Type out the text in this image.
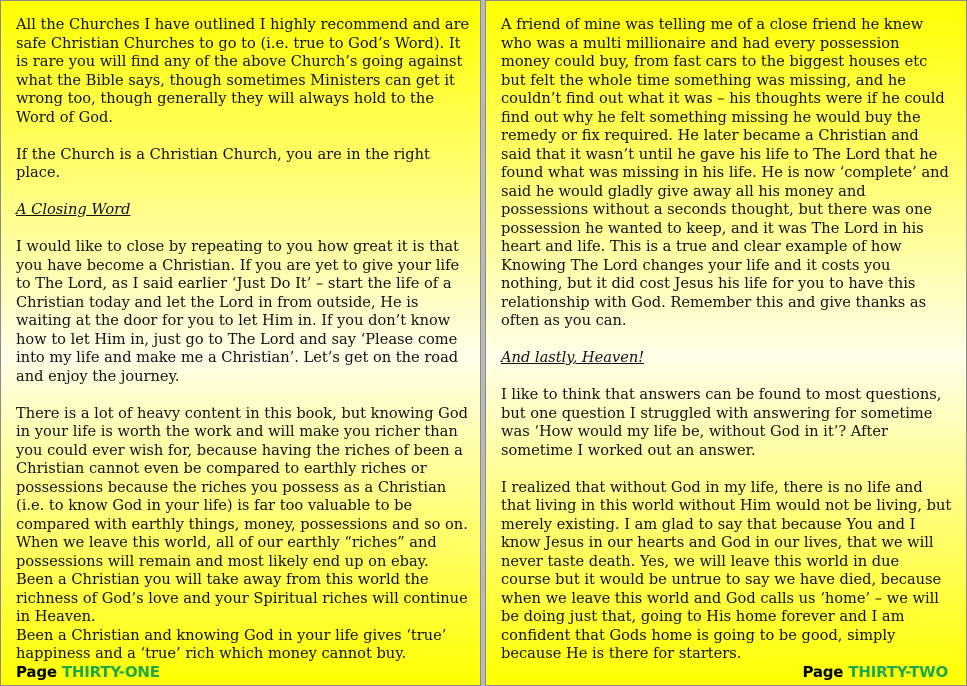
All the Churches I have outlined I highly recommend and are safe Christian Churches to go to (i.e. true to God’s Word). It is rare you will find any of the above Church’s going against what the Bible says, though sometimes Ministers can get it wrong too, though generally they will always hold to the Word of God.

If the Church is a Christian Church, you are in the right place.

A Closing Word

I would like to close by repeating to you how great it is that you have become a Christian. If you are yet to give your life to The Lord, as I said earlier ‘Just Do It’ – start the life of a Christian today and let the Lord in from outside, He is waiting at the door for you to let Him in. If you don’t know how to let Him in, just go to The Lord and say ‘Please come into my life and make me a Christian’. Let’s get on the road and enjoy the journey.

There is a lot of heavy content in this book, but knowing God in your life is worth the work and will make you richer than you could ever wish for, because having the riches of been a Christian cannot even be compared to earthly riches or possessions because the riches you possess as a Christian (i.e. to know God in your life) is far too valuable to be compared with earthly things, money, possessions and so on. When we leave this world, all of our earthly “riches” and possessions will remain and most likely end up on ebay. Been a Christian you will take away from this world the richness of God’s love and your Spiritual riches will continue in Heaven.

Been a Christian and knowing God in your life gives ‘true’ happiness and a ‘true’ rich which money cannot buy.

Page THIRTY-ONE

A friend of mine was telling me of a close friend he knew who was a multi millionaire and had every possession money could buy, from fast cars to the biggest houses etc but felt the whole time something was missing, and he couldn’t find out what it was – his thoughts were if he could find out why he felt something missing he would buy the remedy or fix required. He later became a Christian and said that it wasn’t until he gave his life to The Lord that he found what was missing in his life. He is now ‘complete’ and said he would gladly give away all his money and possessions without a seconds thought, but there was one possession he wanted to keep, and it was The Lord in his heart and life. This is a true and clear example of how Knowing The Lord changes your life and it costs you nothing, but it did cost Jesus his life for you to have this relationship with God. Remember this and give thanks as often as you can.

And lastly, Heaven!

I like to think that answers can be found to most questions, but one question I struggled with answering for sometime was ‘How would my life be, without God in it’? After sometime I worked out an answer.

I realized that without God in my life, there is no life and that living in this world without Him would not be living, but merely existing. I am glad to say that because You and I know Jesus in our hearts and God in our lives, that we will never taste death. Yes, we will leave this world in due course but it would be untrue to say we have died, because when we leave this world and God calls us ‘home’ – we will be doing just that, going to His home forever and I am confident that Gods home is going to be good, simply because He is there for starters.

Page THIRTY-TWO
